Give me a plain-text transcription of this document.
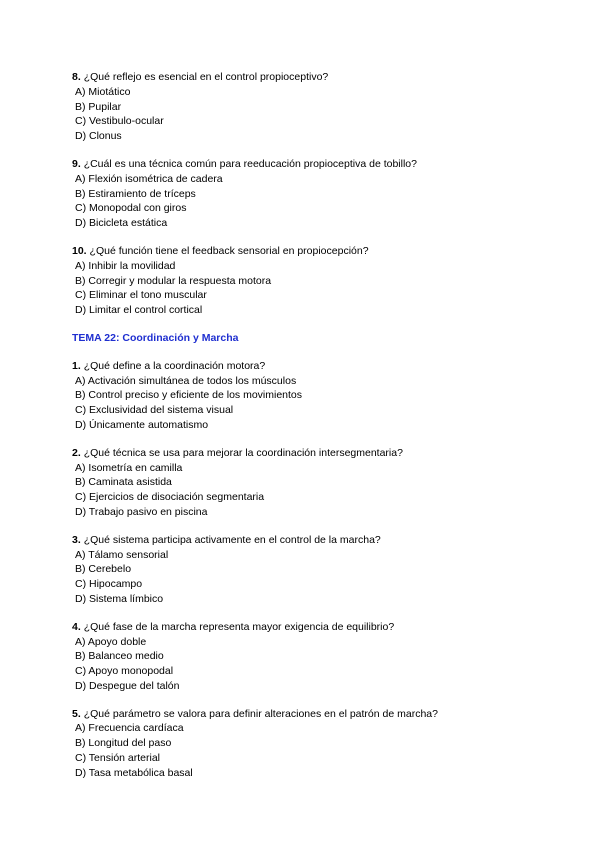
8. ¿Qué reflejo es esencial en el control propioceptivo?
A) Miotático
B) Pupilar
C) Vestibulo-ocular
D) Clonus
9. ¿Cuál es una técnica común para reeducación propioceptiva de tobillo?
A) Flexión isométrica de cadera
B) Estiramiento de tríceps
C) Monopodal con giros
D) Bicicleta estática
10. ¿Qué función tiene el feedback sensorial en propiocepción?
A) Inhibir la movilidad
B) Corregir y modular la respuesta motora
C) Eliminar el tono muscular
D) Limitar el control cortical
TEMA 22: Coordinación y Marcha
1. ¿Qué define a la coordinación motora?
A) Activación simultánea de todos los músculos
B) Control preciso y eficiente de los movimientos
C) Exclusividad del sistema visual
D) Únicamente automatismo
2. ¿Qué técnica se usa para mejorar la coordinación intersegmentaria?
A) Isometría en camilla
B) Caminata asistida
C) Ejercicios de disociación segmentaria
D) Trabajo pasivo en piscina
3. ¿Qué sistema participa activamente en el control de la marcha?
A) Tálamo sensorial
B) Cerebelo
C) Hipocampo
D) Sistema límbico
4. ¿Qué fase de la marcha representa mayor exigencia de equilibrio?
A) Apoyo doble
B) Balanceo medio
C) Apoyo monopodal
D) Despegue del talón
5. ¿Qué parámetro se valora para definir alteraciones en el patrón de marcha?
A) Frecuencia cardíaca
B) Longitud del paso
C) Tensión arterial
D) Tasa metabólica basal
